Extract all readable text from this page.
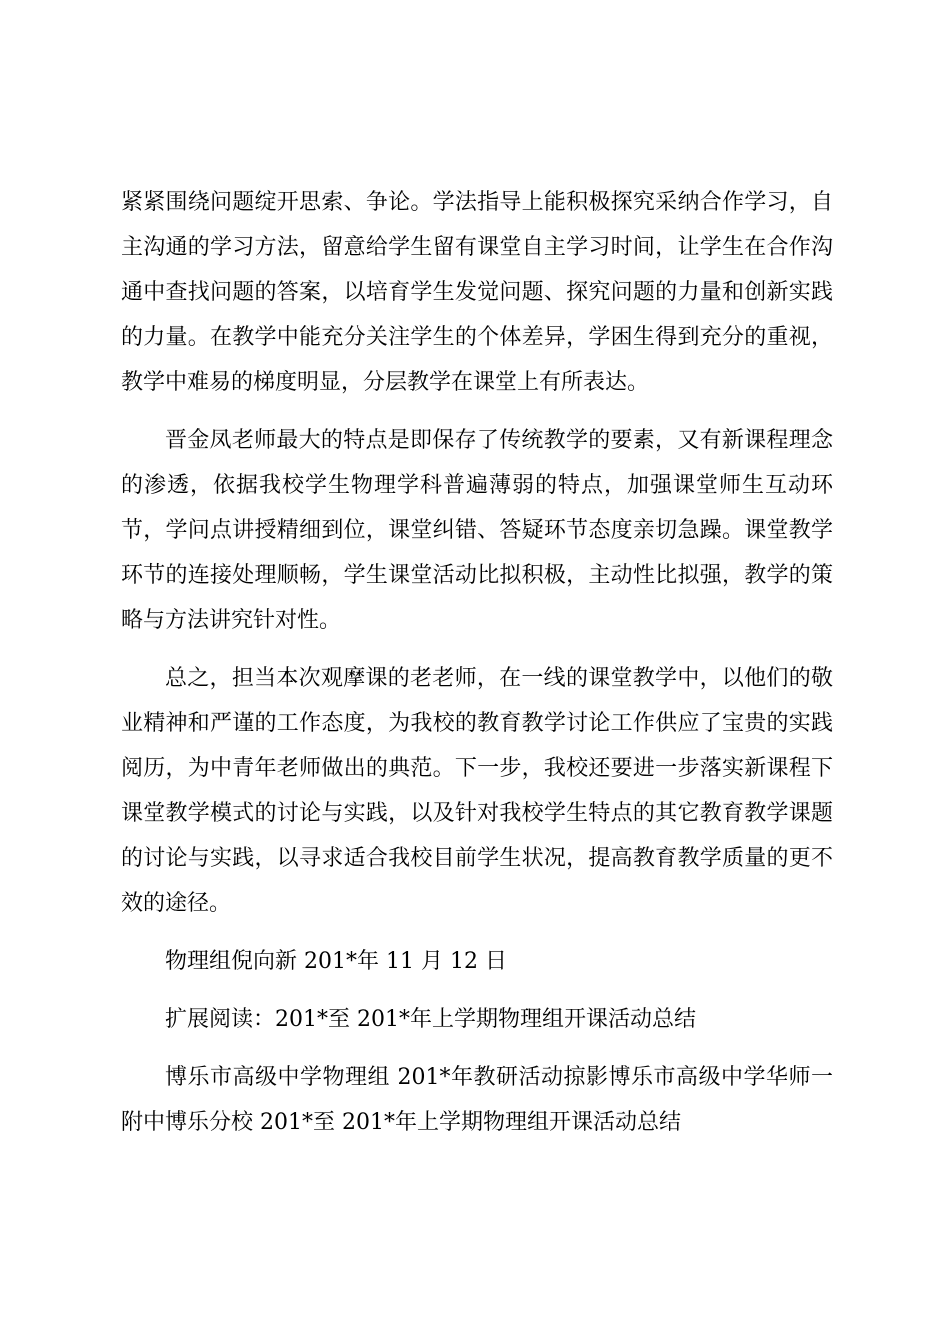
紧紧围绕问题绽开思索、争论。学法指导上能积极探究采纳合作学习，自主沟通的学习方法，留意给学生留有课堂自主学习时间，让学生在合作沟通中查找问题的答案，以培育学生发觉问题、探究问题的力量和创新实践的力量。在教学中能充分关注学生的个体差异，学困生得到充分的重视，教学中难易的梯度明显，分层教学在课堂上有所表达。

晋金凤老师最大的特点是即保存了传统教学的要素，又有新课程理念的渗透，依据我校学生物理学科普遍薄弱的特点，加强课堂师生互动环节，学问点讲授精细到位，课堂纠错、答疑环节态度亲切急躁。课堂教学环节的连接处理顺畅，学生课堂活动比拟积极，主动性比拟强，教学的策略与方法讲究针对性。

总之，担当本次观摩课的老老师，在一线的课堂教学中，以他们的敬业精神和严谨的工作态度，为我校的教育教学讨论工作供应了宝贵的实践阅历，为中青年老师做出的典范。下一步，我校还要进一步落实新课程下课堂教学模式的讨论与实践，以及针对我校学生特点的其它教育教学课题的讨论与实践，以寻求适合我校目前学生状况，提高教育教学质量的更不效的途径。

物理组倪向新 201*年 11 月 12 日

扩展阅读：201*至 201*年上学期物理组开课活动总结

博乐市高级中学物理组 201*年教研活动掠影博乐市高级中学华师一附中博乐分校 201*至 201*年上学期物理组开课活动总结
